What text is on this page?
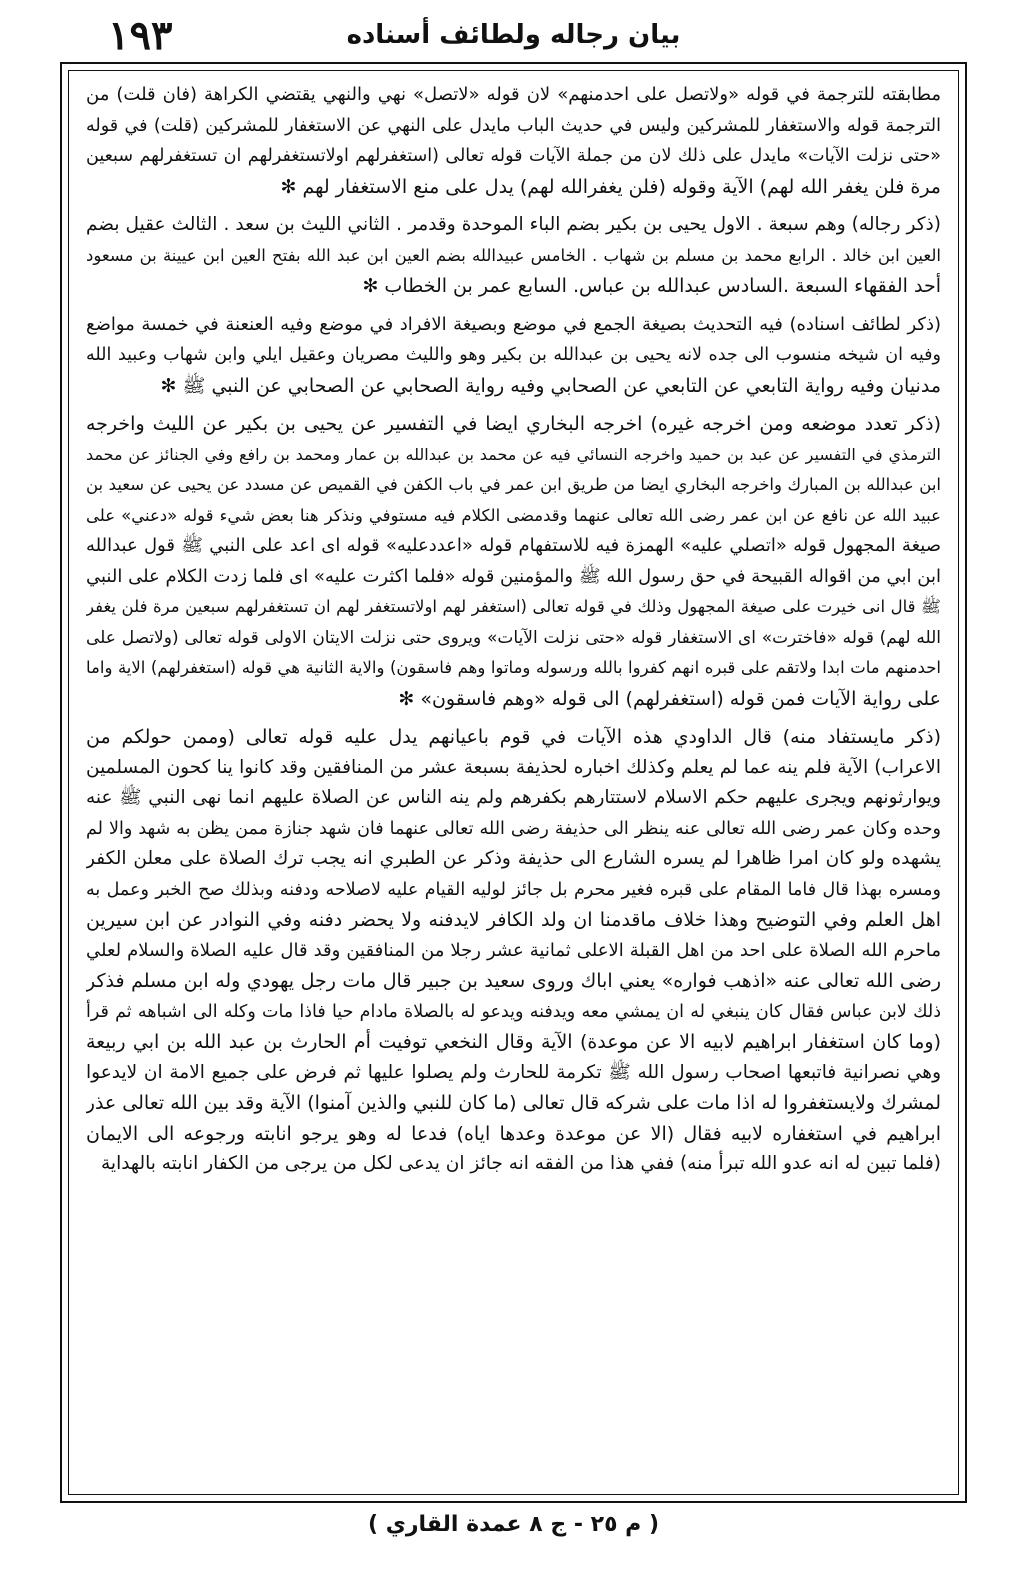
١٩٣	بيان رجاله ولطائف أسناده
مطابقته للترجمة في قوله «ولاتصل على احدمنهم» لان قوله «لاتصل» نهي والنهي يقتضي الكراهة (فان قلت) من
الترجمة قوله والاستغفار للمشركين وليس في حديث الباب مايدل على النهي عن الاستغفار للمشركين (قلت) في قوله
«حتى نزلت الآيات» مايدل على ذلك لان من جملة الآيات قوله تعالى (استغفرلهم اولاتستغفرلهم ان تستغفرلهم سبعين
مرة فلن يغفر الله لهم) الآية وقوله (فلن يغفرالله لهم) يدل على منع الاستغفار لهم ✻
(ذكر رجاله) وهم سبعة . الاول يحيى بن بكير بضم الباء الموحدة وقدمر . الثاني الليث بن سعد . الثالث عقيل بضم
العين ابن خالد . الرابع محمد بن مسلم بن شهاب . الخامس عبيدالله بضم العين ابن عبد الله بفتح العين ابن عيينة بن مسعود
أحد الفقهاء السبعة .السادس عبدالله بن عباس. السابع عمر بن الخطاب ✻
(ذكر لطائف اسناده) فيه التحديث بصيغة الجمع في موضع وبصيغة الافراد في موضع وفيه العنعنة في خمسة مواضع
وفيه ان شيخه منسوب الى جده لانه يحيى بن عبدالله بن بكير وهو والليث مصريان وعقيل ايلي وابن شهاب وعبيد الله
مدنيان وفيه رواية التابعي عن التابعي عن الصحابي وفيه رواية الصحابي عن الصحابي عن النبي ﷺ ✻
(ذكر تعدد موضعه ومن اخرجه غيره) اخرجه البخاري ايضا في التفسير عن يحيى بن بكير عن الليث واخرجه
الترمذي في التفسير عن عبد بن حميد واخرجه النسائي فيه عن محمد بن عبدالله بن عمار ومحمد بن رافع وفي الجنائز عن محمد
ابن عبدالله بن المبارك واخرجه البخاري ايضا من طريق ابن عمر في باب الكفن في القميص عن مسدد عن يحيى عن سعيد بن
عبيد الله عن نافع عن ابن عمر رضى الله تعالى عنهما وقدمضى الكلام فيه مستوفي ونذكر هنا بعض شيء قوله «دعني» على
صيغة المجهول قوله «اتصلي عليه» الهمزة فيه للاستفهام قوله «اعددعليه» قوله اى اعد على النبي ﷺ قول عبدالله
ابن ابي من اقواله القبيحة في حق رسول الله ﷺ والمؤمنين قوله «فلما اكثرت عليه» اى فلما زدت الكلام على النبي
ﷺ قال انى خيرت على صيغة المجهول وذلك في قوله تعالى (استغفر لهم اولاتستغفر لهم ان تستغفرلهم سبعين مرة فلن يغفر
الله لهم) قوله «فاخترت» اى الاستغفار قوله «حتى نزلت الآيات» ويروى حتى نزلت الايتان الاولى قوله تعالى (ولاتصل على
احدمنهم مات ابدا ولاتقم على قبره انهم كفروا بالله ورسوله وماتوا وهم فاسقون) والاية الثانية هي قوله (استغفرلهم) الاية واما
على رواية الآيات فمن قوله (استغفرلهم) الى قوله «وهم فاسقون» ✻
(ذكر مايستفاد منه) قال الداودي هذه الآيات في قوم باعيانهم يدل عليه قوله تعالى (وممن حولكم من
الاعراب) الآية فلم ينه عما لم يعلم وكذلك اخباره لحذيفة بسبعة عشر من المنافقين وقد كانوا ينا كحون المسلمين
ويوارثونهم ويجرى عليهم حكم الاسلام لاستتارهم بكفرهم ولم ينه الناس عن الصلاة عليهم انما نهى النبي ﷺ عنه
وحده وكان عمر رضى الله تعالى عنه ينظر الى حذيفة رضى الله تعالى عنهما فان شهد جنازة ممن يظن به شهد والا لم
يشهده ولو كان امرا ظاهرا لم يسره الشارع الى حذيفة وذكر عن الطبري انه يجب ترك الصلاة على معلن الكفر
ومسره بهذا قال فاما المقام على قبره فغير محرم بل جائز لوليه القيام عليه لاصلاحه ودفنه وبذلك صح الخبر وعمل به
اهل العلم وفي التوضيح وهذا خلاف ماقدمنا ان ولد الكافر لايدفنه ولا يحضر دفنه وفي النوادر عن ابن سيرين
ماحرم الله الصلاة على احد من اهل القبلة الاعلى ثمانية عشر رجلا من المنافقين وقد قال عليه الصلاة والسلام لعلي
رضى الله تعالى عنه «اذهب فواره» يعني اباك وروى سعيد بن جبير قال مات رجل يهودي وله ابن مسلم فذكر
ذلك لابن عباس فقال كان ينبغي له ان يمشي معه ويدفنه ويدعو له بالصلاة مادام حيا فاذا مات وكله الى اشباهه ثم قرأ
(وما كان استغفار ابراهيم لابيه الا عن موعدة) الآية وقال النخعي توفيت أم الحارث بن عبد الله بن ابي ربيعة
وهي نصرانية فاتبعها اصحاب رسول الله ﷺ تكرمة للحارث ولم يصلوا عليها ثم فرض على جميع الامة ان لايدعوا
لمشرك ولايستغفروا له اذا مات على شركه قال تعالى (ما كان للنبي والذين آمنوا) الآية وقد بين الله تعالى عذر
ابراهيم في استغفاره لابيه فقال (الا عن موعدة وعدها اياه) فدعا له وهو يرجو انابته ورجوعه الى الايمان
(فلما تبين له انه عدو الله تبرأ منه) ففي هذا من الفقه انه جائز ان يدعى لكل من يرجى من الكفار انابته بالهداية
( م ٢٥ - ج ٨ عمدة القاري )
